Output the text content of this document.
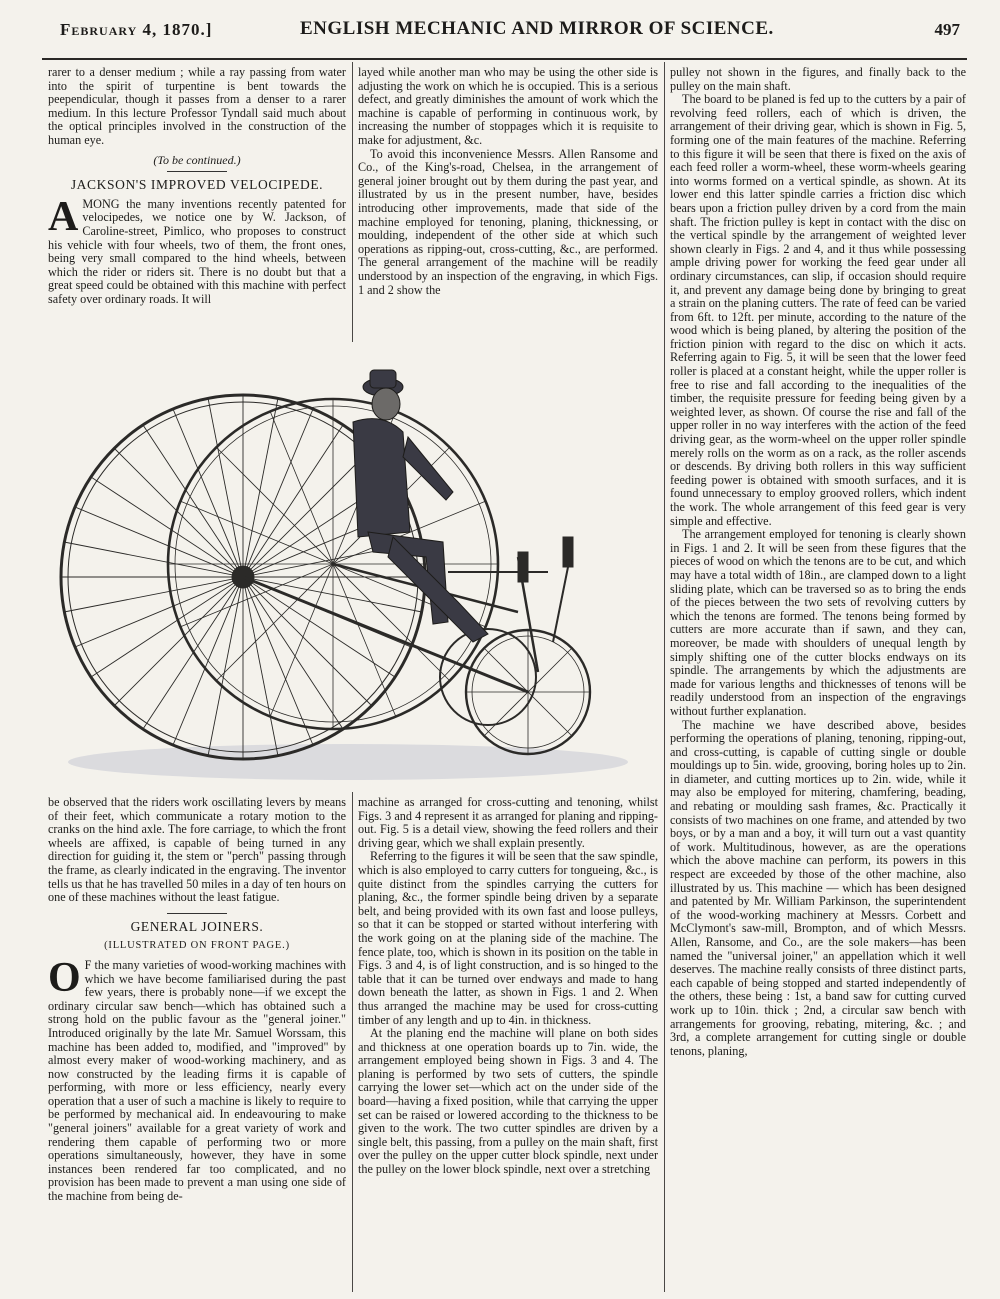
February 4, 1870.]	ENGLISH MECHANIC AND MIRROR OF SCIENCE.	497

rarer to a denser medium ; while a ray passing from water into the spirit of turpentine is bent towards the peependicular, though it passes from a denser to a rarer medium. In this lecture Professor Tyndall said much about the optical principles involved in the construction of the human eye.

(To be continued.)
JACKSON'S IMPROVED VELOCIPEDE.

AMONG the many inventions recently patented for velocipedes, we notice one by W. Jackson, of Caroline-street, Pimlico, who proposes to construct his vehicle with four wheels, two of them, the front ones, being very small compared to the hind wheels, between which the rider or riders sit. There is no doubt but that a great speed could be obtained with this machine with perfect safety over ordinary roads. It will

layed while another man who may be using the other side is adjusting the work on which he is occupied. This is a serious defect, and greatly diminishes the amount of work which the machine is capable of performing in continuous work, by increasing the number of stoppages which it is requisite to make for adjustment, &c.

To avoid this inconvenience Messrs. Allen Ransome and Co., of the King's-road, Chelsea, in the arrangement of general joiner brought out by them during the past year, and illustrated by us in the present number, have, besides introducing other improvements, made that side of the machine employed for tenoning, planing, thicknessing, or moulding, independent of the other side at which such operations as ripping-out, cross-cutting, &c., are performed. The general arrangement of the machine will be readily understood by an inspection of the engraving, in which Figs. 1 and 2 show the

pulley not shown in the figures, and finally back to the pulley on the main shaft.

The board to be planed is fed up to the cutters by a pair of revolving feed rollers, each of which is driven, the arrangement of their driving gear, which is shown in Fig. 5, forming one of the main features of the machine. Referring to this figure it will be seen that there is fixed on the axis of each feed roller a worm-wheel, these worm-wheels gearing into worms formed on a vertical spindle, as shown. At its lower end this latter spindle carries a friction disc which bears upon a friction pulley driven by a cord from the main shaft. The friction pulley is kept in contact with the disc on the vertical spindle by the arrangement of weighted lever shown clearly in Figs. 2 and 4, and it thus while possessing ample driving power for working the feed gear under all ordinary circumstances, can slip, if occasion should require it, and prevent any damage being done by bringing to great a strain on the planing cutters. The rate of feed can be varied from 6ft. to 12ft. per minute, according to the nature of the wood which is being planed, by altering the position of the friction pinion with regard to the disc on which it acts. Referring again to Fig. 5, it will be seen that the lower feed roller is placed at a constant height, while the upper roller is free to rise and fall according to the inequalities of the timber, the requisite pressure for feeding being given by a weighted lever, as shown. Of course the rise and fall of the upper roller in no way interferes with the action of the feed driving gear, as the worm-wheel on the upper roller spindle merely rolls on the worm as on a rack, as the roller ascends or descends. By driving both rollers in this way sufficient feeding power is obtained with smooth surfaces, and it is found unnecessary to employ grooved rollers, which indent the work. The whole arrangement of this feed gear is very simple and effective.

The arrangement employed for tenoning is clearly shown in Figs. 1 and 2. It will be seen from these figures that the pieces of wood on which the tenons are to be cut, and which may have a total width of 18in., are clamped down to a light sliding plate, which can be traversed so as to bring the ends of the pieces between the two sets of revolving cutters by which the tenons are formed. The tenons being formed by cutters are more accurate than if sawn, and they can, moreover, be made with shoulders of unequal length by simply shifting one of the cutter blocks endways on its spindle. The arrangements by which the adjustments are made for various lengths and thicknesses of tenons will be readily understood from an inspection of the engravings without further explanation.

The machine we have described above, besides performing the operations of planing, tenoning, ripping-out, and cross-cutting, is capable of cutting single or double mouldings up to 5in. wide, grooving, boring holes up to 2in. in diameter, and cutting mortices up to 2in. wide, while it may also be employed for mitering, chamfering, beading, and rebating or moulding sash frames, &c. Practically it consists of two machines on one frame, and attended by two boys, or by a man and a boy, it will turn out a vast quantity of work. Multitudinous, however, as are the operations which the above machine can perform, its powers in this respect are exceeded by those of the other machine, also illustrated by us. This machine — which has been designed and patented by Mr. William Parkinson, the superintendent of the wood-working machinery at Messrs. Corbett and McClymont's saw-mill, Brompton, and of which Messrs. Allen, Ransome, and Co., are the sole makers—has been named the "universal joiner," an appellation which it well deserves. The machine really consists of three distinct parts, each capable of being stopped and started independently of the others, these being : 1st, a band saw for cutting curved work up to 10in. thick ; 2nd, a circular saw bench with arrangements for grooving, rebating, mitering, &c. ; and 3rd, a complete arrangement for cutting single or double tenons, planing,

be observed that the riders work oscillating levers by means of their feet, which communicate a rotary motion to the cranks on the hind axle. The fore carriage, to which the front wheels are affixed, is capable of being turned in any direction for guiding it, the stem or "perch" passing through the frame, as clearly indicated in the engraving. The inventor tells us that he has travelled 50 miles in a day of ten hours on one of these machines without the least fatigue.

GENERAL JOINERS.
(ILLUSTRATED ON FRONT PAGE.)

O F the many varieties of wood-working machines with which we have become familiarised during the past few years, there is probably none—if we except the ordinary circular saw bench—which has obtained such a strong hold on the public favour as the "general joiner." Introduced originally by the late Mr. Samuel Worssam, this machine has been added to, modified, and "improved" by almost every maker of wood-working machinery, and as now constructed by the leading firms it is capable of performing, with more or less efficiency, nearly every operation that a user of such a machine is likely to require to be performed by mechanical aid. In endeavouring to make "general joiners" available for a great variety of work and rendering them capable of performing two or more operations simultaneously, however, they have in some instances been rendered far too complicated, and no provision has been made to prevent a man using one side of the machine from being de-

machine as arranged for cross-cutting and tenoning, whilst Figs. 3 and 4 represent it as arranged for planing and ripping-out. Fig. 5 is a detail view, showing the feed rollers and their driving gear, which we shall explain presently.

Referring to the figures it will be seen that the saw spindle, which is also employed to carry cutters for tongueing, &c., is quite distinct from the spindles carrying the cutters for planing, &c., the former spindle being driven by a separate belt, and being provided with its own fast and loose pulleys, so that it can be stopped or started without interfering with the work going on at the planing side of the machine. The fence plate, too, which is shown in its position on the table in Figs. 3 and 4, is of light construction, and is so hinged to the table that it can be turned over endways and made to hang down beneath the latter, as shown in Figs. 1 and 2. When thus arranged the machine may be used for cross-cutting timber of any length and up to 4in. in thickness.

At the planing end the machine will plane on both sides and thickness at one operation boards up to 7in. wide, the arrangement employed being shown in Figs. 3 and 4. The planing is performed by two sets of cutters, the spindle carrying the lower set—which act on the under side of the board—having a fixed position, while that carrying the upper set can be raised or lowered according to the thickness to be given to the work. The two cutter spindles are driven by a single belt, this passing, from a pulley on the main shaft, first over the pulley on the upper cutter block spindle, next under the pulley on the lower block spindle, next over a stretching
